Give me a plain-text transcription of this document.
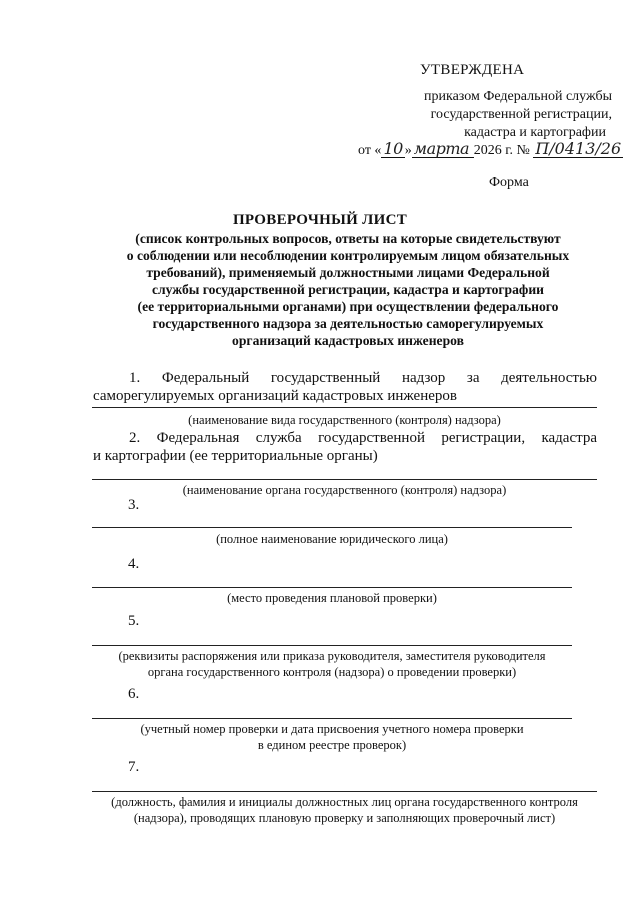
УТВЕРЖДЕНА
приказом Федеральной службы
государственной регистрации,
кадастра и картографии
от « 10 » марта 2026 г. № П/0413/26
Форма
ПРОВЕРОЧНЫЙ ЛИСТ
(список контрольных вопросов, ответы на которые свидетельствуют
о соблюдении или несоблюдении контролируемым лицом обязательных
требований), применяемый должностными лицами Федеральной
службы государственной регистрации, кадастра и картографии
(ее территориальными органами) при осуществлении федерального
государственного надзора за деятельностью саморегулируемых
организаций кадастровых инженеров
1. Федеральный государственный надзор за деятельностью
саморегулируемых организаций кадастровых инженеров
(наименование вида государственного (контроля) надзора)
2. Федеральная служба государственной регистрации, кадастра
и картографии (ее территориальные органы)
(наименование органа государственного (контроля) надзора)
3.
(полное наименование юридического лица)
4.
(место проведения плановой проверки)
5.
(реквизиты распоряжения или приказа руководителя, заместителя руководителя
органа государственного контроля (надзора) о проведении проверки)
6.
(учетный номер проверки и дата присвоения учетного номера проверки
в едином реестре проверок)
7.
(должность, фамилия и инициалы должностных лиц органа государственного контроля
(надзора), проводящих плановую проверку и заполняющих проверочный лист)
